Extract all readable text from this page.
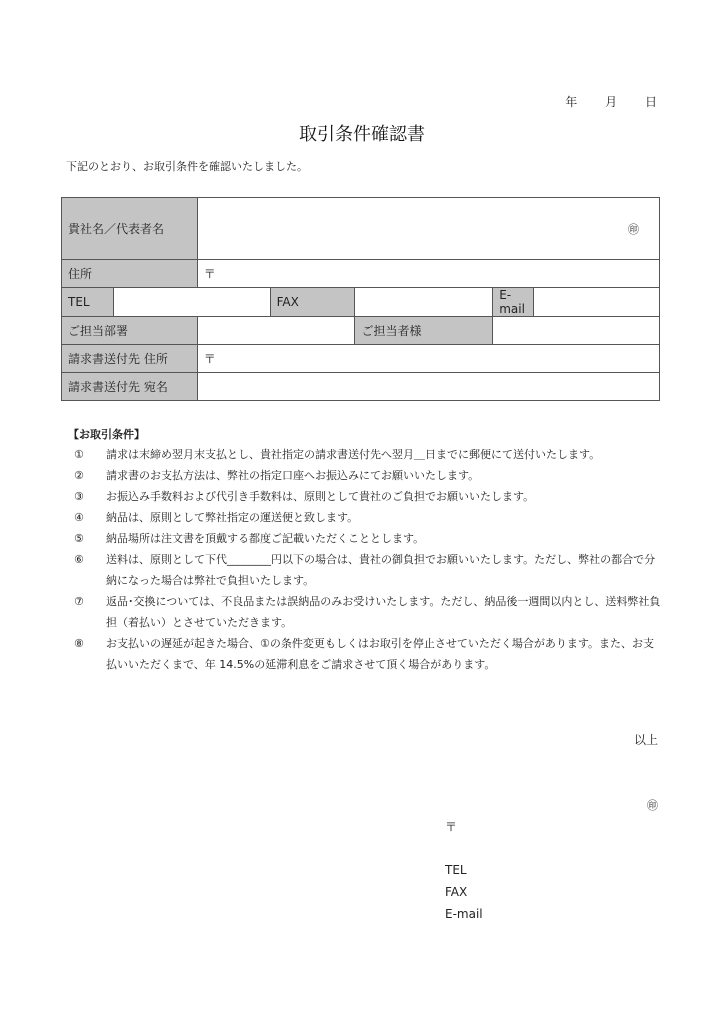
年 月 日
取引条件確認書
下記のとおり、お取引条件を確認いたしました。
貴社名／代表者名		㊞				

住所		〒				
TEL			FAX		E-mail	
ご担当部署				ご担当者様		
請求書送付先 住所		〒				
請求書送付先 宛名						
【お取引条件】
①	請求は末締め翌月末支払とし、貴社指定の請求書送付先へ翌月＿日までに郵便にて送付いたします。
②	請求書のお支払方法は、弊社の指定口座へお振込みにてお願いいたします。
③	お振込み手数料および代引き手数料は、原則として貴社のご負担でお願いいたします。
④	納品は、原則として弊社指定の運送便と致します。
⑤	納品場所は注文書を頂戴する都度ご記載いただくこととします。
⑥	送料は、原則として下代________円以下の場合は、貴社の御負担でお願いいたします。ただし、弊社の都合で分納になった場合は弊社で負担いたします。
⑦	返品･交換については、不良品または誤納品のみお受けいたします。ただし、納品後一週間以内とし、送料弊社負担（着払い）とさせていただきます。
⑧	お支払いの遅延が起きた場合、①の条件変更もしくはお取引を停止させていただく場合があります。また、お支払いいただくまで、年 14.5%の延滞利息をご請求させて頂く場合があります。
以上
㊞
〒
TEL
FAX
E-mail
